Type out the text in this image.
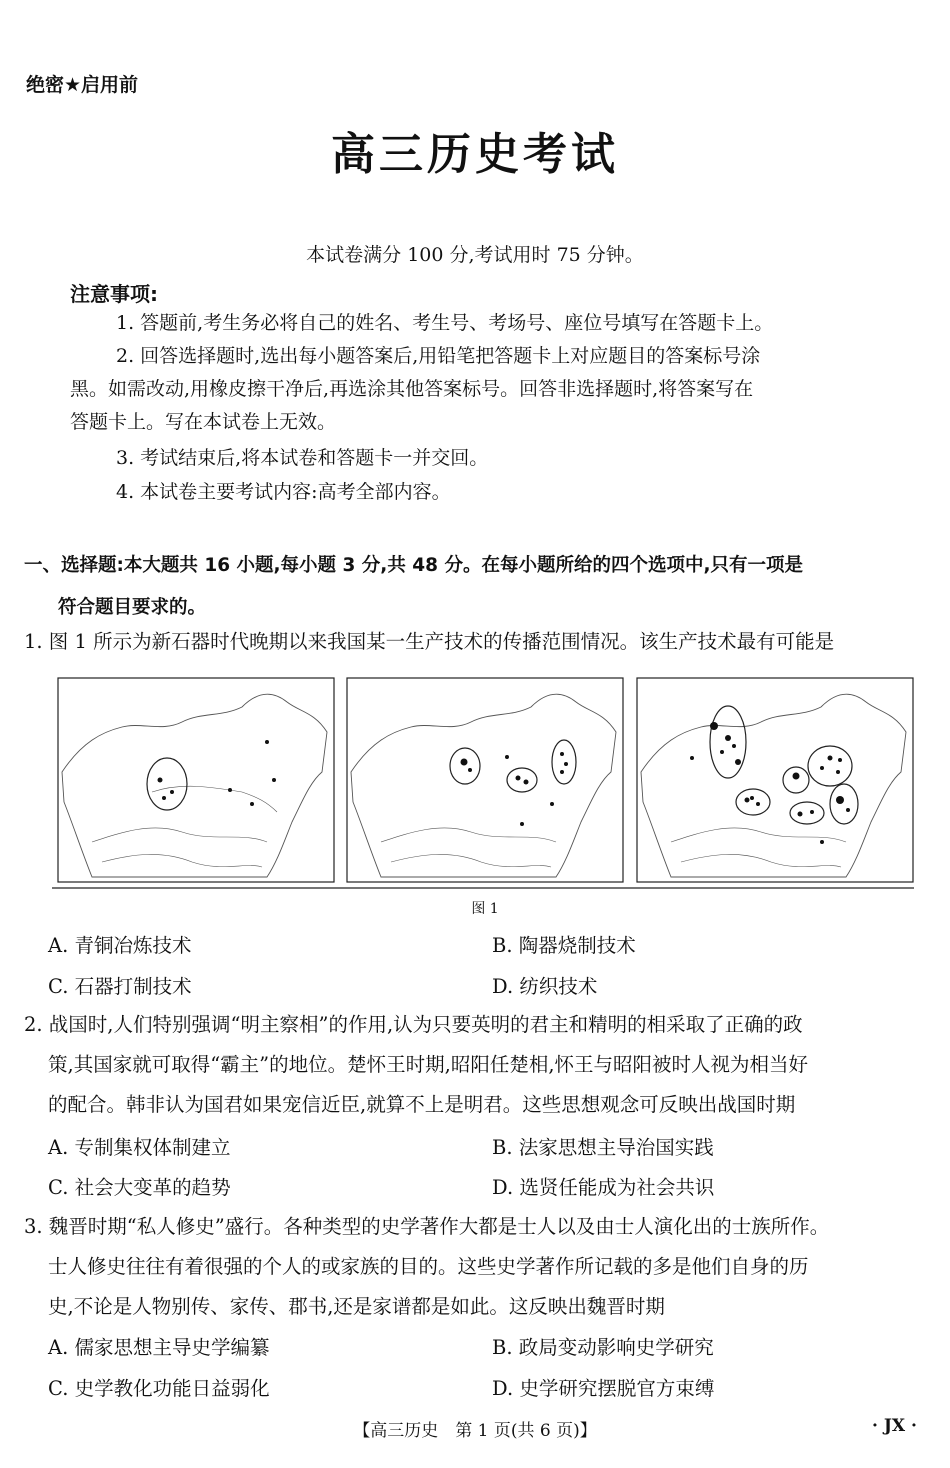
绝密★启用前
高三历史考试
本试卷满分 100 分,考试用时 75 分钟。
注意事项:
1. 答题前,考生务必将自己的姓名、考生号、考场号、座位号填写在答题卡上。
2. 回答选择题时,选出每小题答案后,用铅笔把答题卡上对应题目的答案标号涂
黑。如需改动,用橡皮擦干净后,再选涂其他答案标号。回答非选择题时,将答案写在
答题卡上。写在本试卷上无效。
3. 考试结束后,将本试卷和答题卡一并交回。
4. 本试卷主要考试内容:高考全部内容。
一、选择题:本大题共 16 小题,每小题 3 分,共 48 分。在每小题所给的四个选项中,只有一项是
符合题目要求的。
1. 图 1 所示为新石器时代晚期以来我国某一生产技术的传播范围情况。该生产技术最有可能是
图 1
A. 青铜冶炼技术	B. 陶器烧制技术
C. 石器打制技术	D. 纺织技术
2. 战国时,人们特别强调“明主察相”的作用,认为只要英明的君主和精明的相采取了正确的政
策,其国家就可取得“霸主”的地位。楚怀王时期,昭阳任楚相,怀王与昭阳被时人视为相当好
的配合。韩非认为国君如果宠信近臣,就算不上是明君。这些思想观念可反映出战国时期
A. 专制集权体制建立	B. 法家思想主导治国实践
C. 社会大变革的趋势	D. 选贤任能成为社会共识
3. 魏晋时期“私人修史”盛行。各种类型的史学著作大都是士人以及由士人演化出的士族所作。
士人修史往往有着很强的个人的或家族的目的。这些史学著作所记载的多是他们自身的历
史,不论是人物别传、家传、郡书,还是家谱都是如此。这反映出魏晋时期
A. 儒家思想主导史学编纂	B. 政局变动影响史学研究
C. 史学教化功能日益弱化	D. 史学研究摆脱官方束缚
【高三历史　第 1 页(共 6 页)】	· JX ·
